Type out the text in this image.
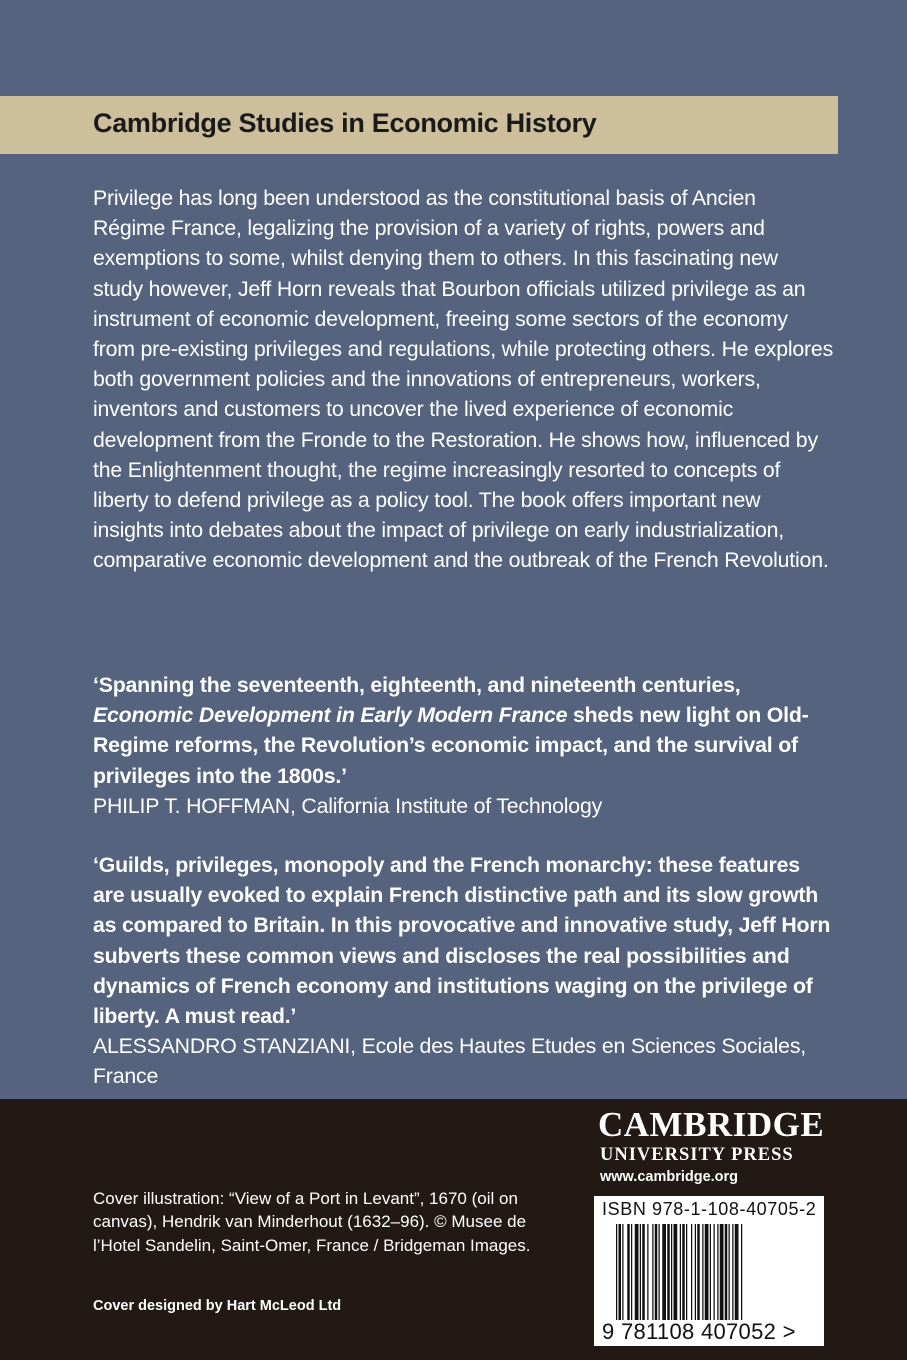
Cambridge Studies in Economic History

Privilege has long been understood as the constitutional basis of Ancien Régime France, legalizing the provision of a variety of rights, powers and exemptions to some, whilst denying them to others. In this fascinating new study however, Jeff Horn reveals that Bourbon officials utilized privilege as an instrument of economic development, freeing some sectors of the economy from pre-existing privileges and regulations, while protecting others. He explores both government policies and the innovations of entrepreneurs, workers, inventors and customers to uncover the lived experience of economic development from the Fronde to the Restoration. He shows how, influenced by the Enlightenment thought, the regime increasingly resorted to concepts of liberty to defend privilege as a policy tool. The book offers important new insights into debates about the impact of privilege on early industrialization, comparative economic development and the outbreak of the French Revolution.

‘Spanning the seventeenth, eighteenth, and nineteenth centuries, Economic Development in Early Modern France sheds new light on Old-Regime reforms, the Revolution’s economic impact, and the survival of privileges into the 1800s.’

PHILIP T. HOFFMAN, California Institute of Technology

‘Guilds, privileges, monopoly and the French monarchy: these features are usually evoked to explain French distinctive path and its slow growth as compared to Britain. In this provocative and innovative study, Jeff Horn subverts these common views and discloses the real possibilities and dynamics of French economy and institutions waging on the privilege of liberty. A must read.’

ALESSANDRO STANZIANI, Ecole des Hautes Etudes en Sciences Sociales, France

CAMBRIDGE
UNIVERSITY PRESS
www.cambridge.org
ISBN 978-1-108-40705-2
9 781108 407052 >

Cover illustration: “View of a Port in Levant”, 1670 (oil on canvas), Hendrik van Minderhout (1632–96). © Musee de l’Hotel Sandelin, Saint-Omer, France / Bridgeman Images.

Cover designed by Hart McLeod Ltd
